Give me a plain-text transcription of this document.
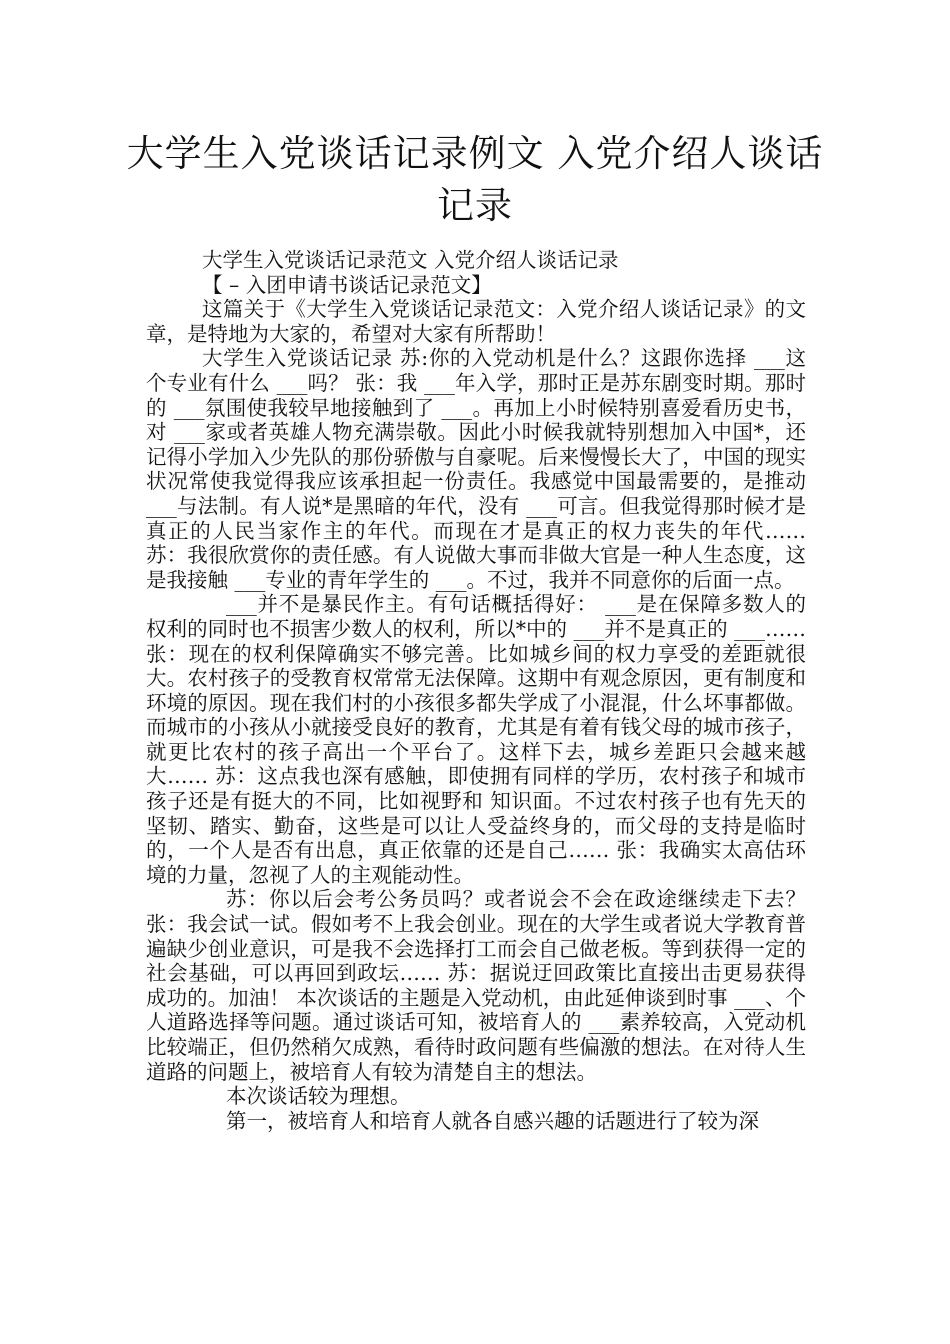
大学生入党谈话记录例文 入党介绍人谈话记录

大学生入党谈话记录范文 入党介绍人谈话记录

【 – 入团申请书谈话记录范文】

这篇关于《大学生入党谈话记录范文：入党介绍人谈话记录》的文章，是特地为大家的，希望对大家有所帮助！

大学生入党谈话记录 苏:你的入党动机是什么？这跟你选择 ___这个专业有什么 ___吗？ 张：我 ___年入学，那时正是苏东剧变时期。那时的 ___氛围使我较早地接触到了 ___。再加上小时候特别喜爱看历史书，对 ___家或者英雄人物充满崇敬。因此小时候我就特别想加入中国*，还记得小学加入少先队的那份骄傲与自豪呢。后来慢慢长大了，中国的现实状况常使我觉得我应该承担起一份责任。我感觉中国最需要的，是推动 ___与法制。有人说*是黑暗的年代，没有 ___可言。但我觉得那时候才是真正的人民当家作主的年代。而现在才是真正的权力丧失的年代…… 苏：我很欣赏你的责任感。有人说做大事而非做大官是一种人生态度，这是我接触 ___专业的青年学生的 ___。不过，我并不同意你的后面一点。

___并不是暴民作主。有句话概括得好： ___是在保障多数人的权利的同时也不损害少数人的权利，所以*中的 ___并不是真正的 ___…… 张：现在的权利保障确实不够完善。比如城乡间的权力享受的差距就很大。农村孩子的受教育权常常无法保障。这期中有观念原因，更有制度和环境的原因。现在我们村的小孩很多都失学成了小混混，什么坏事都做。而城市的小孩从小就接受良好的教育，尤其是有着有钱父母的城市孩子，就更比农村的孩子高出一个平台了。这样下去，城乡差距只会越来越大…… 苏：这点我也深有感触，即使拥有同样的学历，农村孩子和城市孩子还是有挺大的不同，比如视野和 知识面。不过农村孩子也有先天的坚韧、踏实、勤奋，这些是可以让人受益终身的，而父母的支持是临时的，一个人是否有出息，真正依靠的还是自己…… 张：我确实太高估环境的力量，忽视了人的主观能动性。

苏：你以后会考公务员吗？或者说会不会在政途继续走下去？ 张：我会试一试。假如考不上我会创业。现在的大学生或者说大学教育普遍缺少创业意识，可是我不会选择打工而会自己做老板。等到获得一定的社会基础，可以再回到政坛…… 苏：据说迂回政策比直接出击更易获得成功的。加油！ 本次谈话的主题是入党动机，由此延伸谈到时事 ___、个人道路选择等问题。通过谈话可知，被培育人的 ___素养较高，入党动机比较端正，但仍然稍欠成熟，看待时政问题有些偏激的想法。在对待人生道路的问题上，被培育人有较为清楚自主的想法。

本次谈话较为理想。

第一，被培育人和培育人就各自感兴趣的话题进行了较为深
